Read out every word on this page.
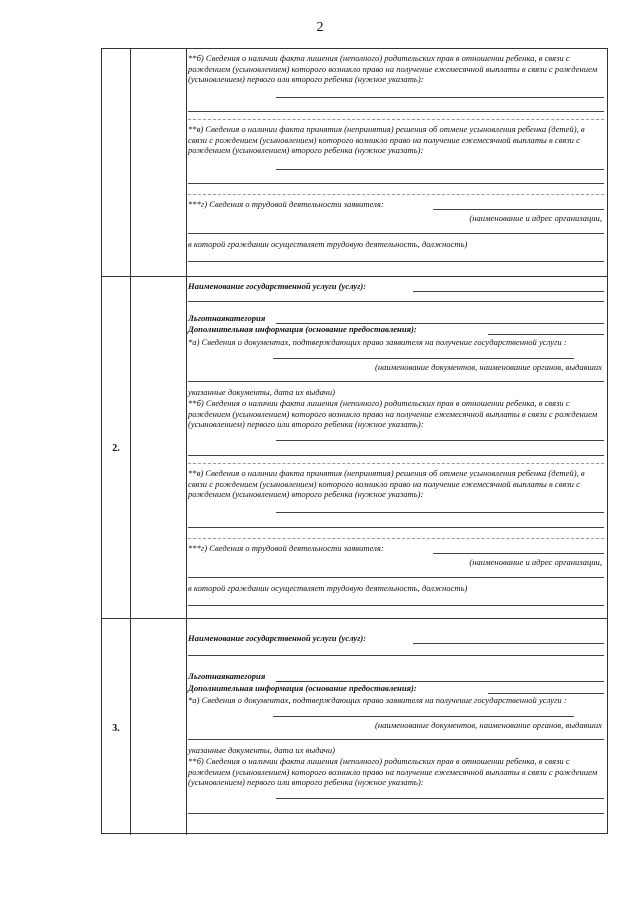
2
**б) Сведения о наличии факта лишения (неполного) родительских прав в отношении ребенка, в связи с рождением (усыновлением) которого возникло право на получение ежемесячной выплаты в связи с рождением (усыновлением) первого или второго ребенка (нужное указать):
**в) Сведения о наличии факта принятия (непринятия) решения об отмене усыновления ребенка (детей), в связи с рождением (усыновлением) которого возникло право на получение ежемесячной выплаты в связи с рождением (усыновлением) второго ребенка (нужное указать):
***г) Сведения о трудовой деятельности заявителя:
(наименование и адрес организации,
в которой гражданин осуществляет трудовую деятельность, должность)
2.
Наименование государственной услуги (услуг):
Льготнаякатегория
Дополнительная информация (основание предоставления):
*а) Сведения о документах, подтверждающих право заявителя на получение государственной услуги :
(наименование документов, наименование органов, выдавших
указанные документы, дата их выдачи)
**б) Сведения о наличии факта лишения (неполного) родительских прав в отношении ребенка, в связи с рождением (усыновлением) которого возникло право на получение ежемесячной выплаты в связи с рождением (усыновлением) первого или второго ребенка (нужное указать):
**в) Сведения о наличии факта принятия (непринятия) решения об отмене усыновления ребенка (детей), в связи с рождением (усыновлением) которого возникло право на получение ежемесячной выплаты в связи с рождением (усыновлением) второго ребенка (нужное указать):
***г) Сведения о трудовой деятельности заявителя:
(наименование и адрес организации,
в которой гражданин осуществляет трудовую деятельность, должность)
3.
Наименование государственной услуги (услуг):
Льготнаякатегория
Дополнительная информация (основание предоставления):
*а) Сведения о документах, подтверждающих право заявителя на получение государственной услуги :
(наименование документов, наименование органов, выдавших
указанные документы, дата их выдачи)
**б) Сведения о наличии факта лишения (неполного) родительских прав в отношении ребенка, в связи с рождением (усыновлением) которого возникло право на получение ежемесячной выплаты в связи с рождением (усыновлением) первого или второго ребенка (нужное указать):
